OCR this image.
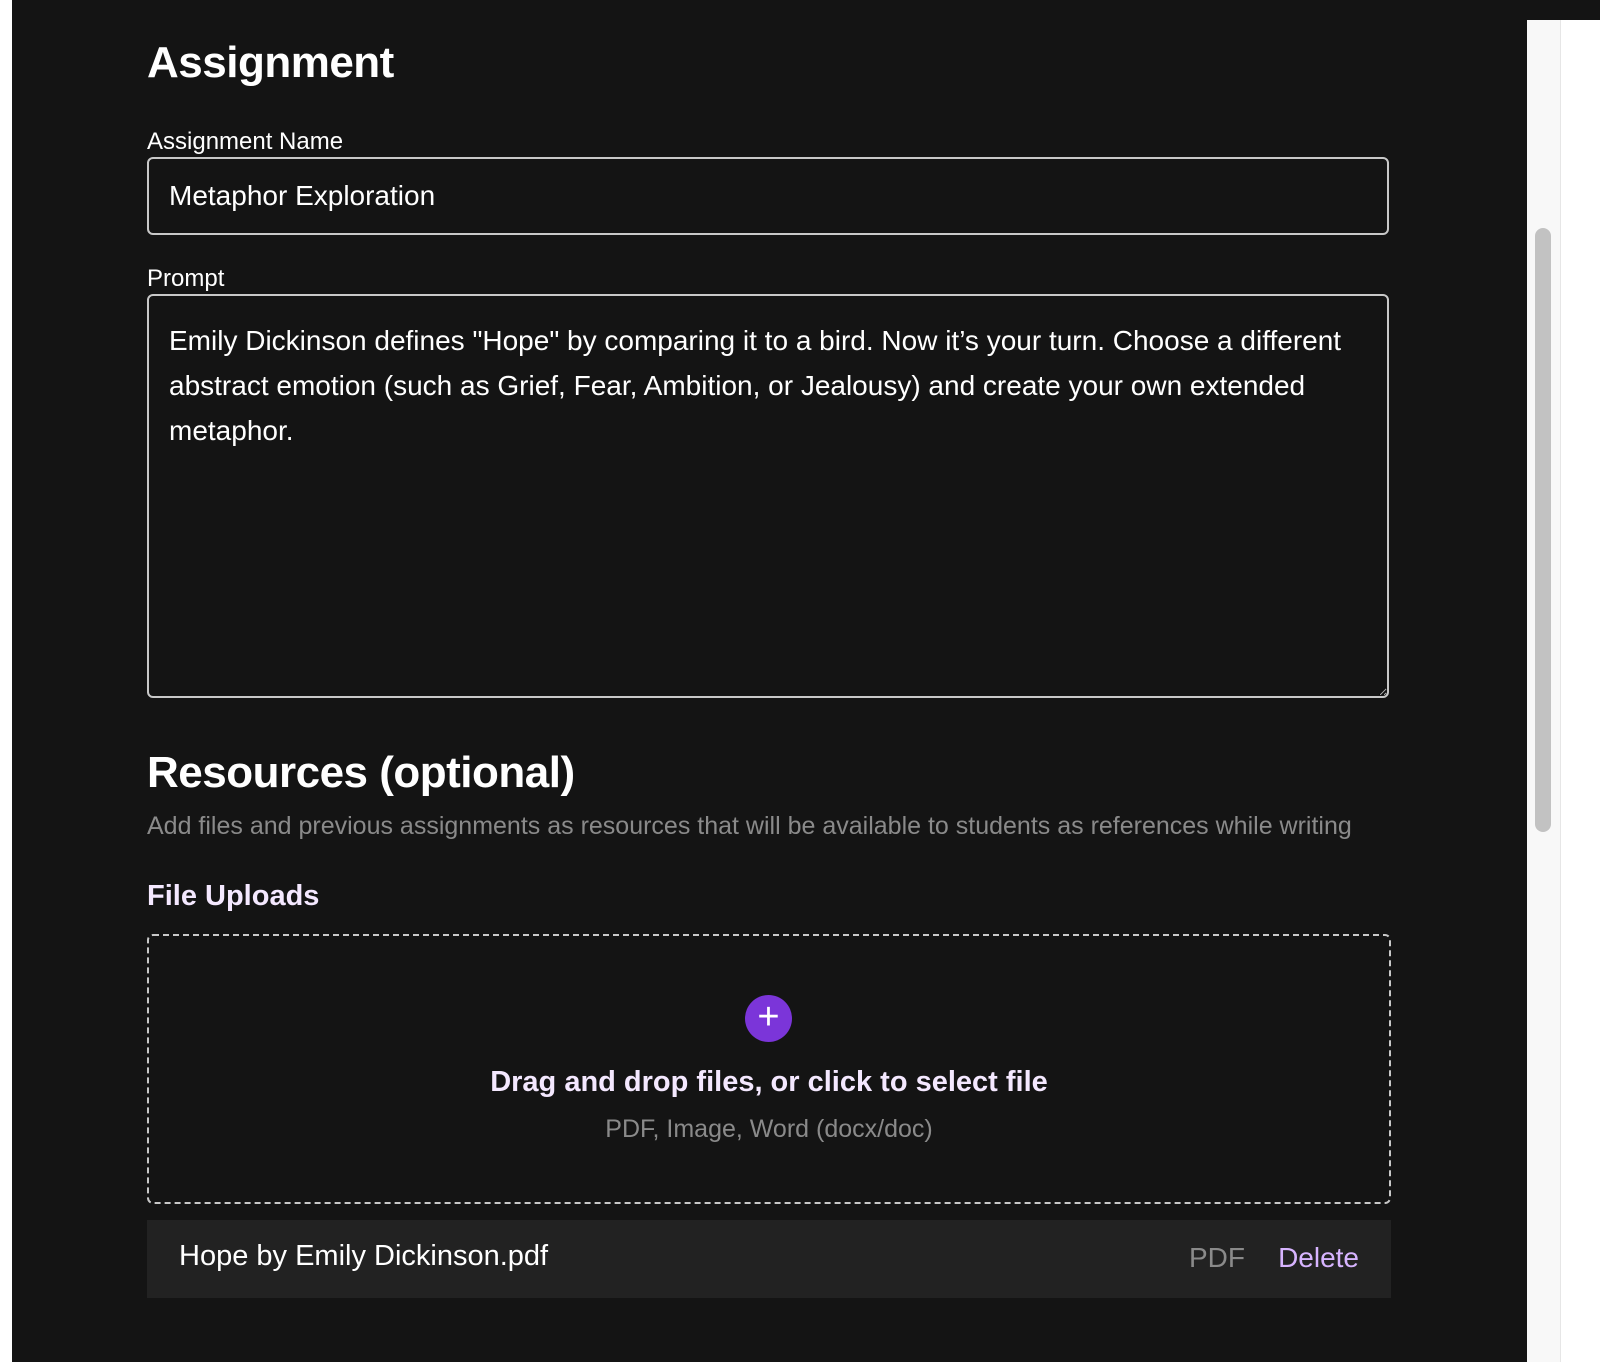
Assignment
Assignment Name
Metaphor Exploration
Prompt
Emily Dickinson defines "Hope" by comparing it to a bird. Now it’s your turn. Choose a different abstract emotion (such as Grief, Fear, Ambition, or Jealousy) and create your own extended metaphor.
Resources (optional)
Add files and previous assignments as resources that will be available to students as references while writing
File Uploads
+
Drag and drop files, or click to select file
PDF, Image, Word (docx/doc)
Hope by Emily Dickinson.pdf	PDF Delete
